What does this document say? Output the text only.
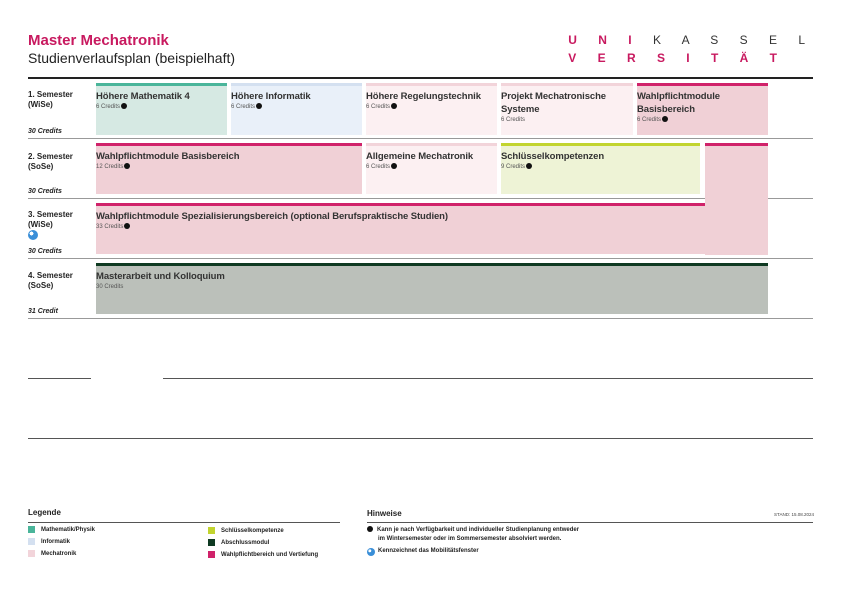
Master Mechatronik
Studienverlaufsplan (beispielhaft)
U N I K A S S E L
V E R S I T Ä T
1. Semester
(WiSe)
30 Credits
2. Semester
(SoSe)
30 Credits
3. Semester
(WiSe)
30 Credits
4. Semester
(SoSe)
31 Credit
Höhere Mathematik 4
6 Credits
Höhere Informatik
6 Credits
Höhere Regelungstechnik
6 Credits
Projekt Mechatronische Systeme
6 Credits
Wahlpflichtmodule Basisbereich
6 Credits
Wahlpflichtmodule Basisbereich
12 Credits
Allgemeine Mechatronik
6 Credits
Schlüsselkompetenzen
9 Credits
Wahlpflichtmodule Spezialisierungsbereich (optional Berufspraktische Studien)
33 Credits
Masterarbeit und Kolloquium
30 Credits
Legende
Mathematik/Physik
Informatik
Mechatronik
Schlüsselkompetenze
Abschlussmodul
Wahlpflichtbereich und Vertiefung
Hinweise	STAND: 15.08.2024
Kann je nach Verfügbarkeit und individueller Studienplanung entweder
im Wintersemester oder im Sommersemester absolviert werden.
Kennzeichnet das Mobilitätsfenster
